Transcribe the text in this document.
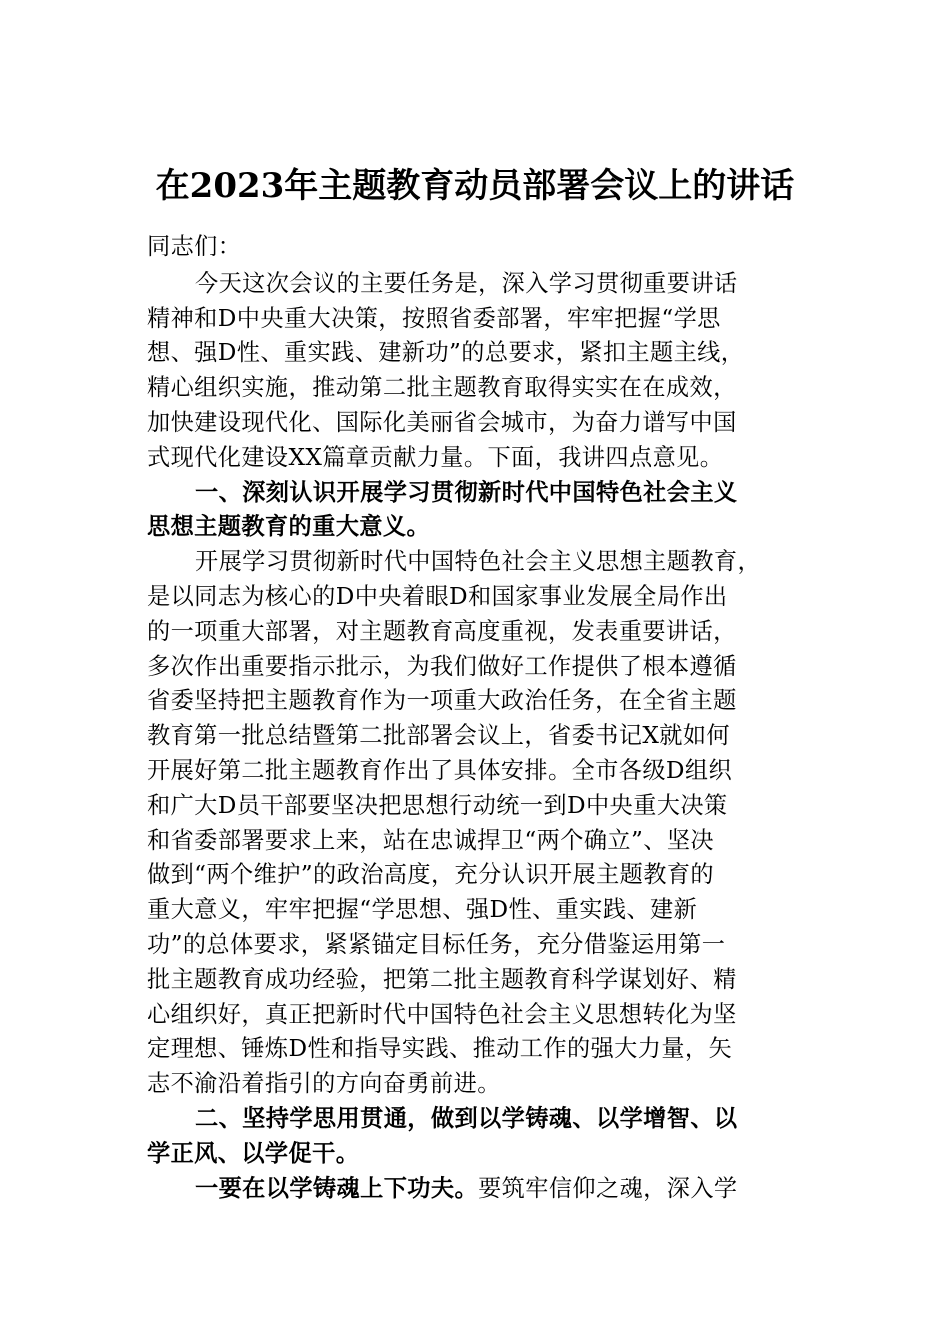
在2023年主题教育动员部署会议上的讲话

同志们：

今天这次会议的主要任务是，深入学习贯彻重要讲话
精神和D中央重大决策，按照省委部署，牢牢把握“学思
想、强D性、重实践、建新功”的总要求，紧扣主题主线，
精心组织实施，推动第二批主题教育取得实实在在成效，
加快建设现代化、国际化美丽省会城市，为奋力谱写中国
式现代化建设XX篇章贡献力量。下面，我讲四点意见。

一、深刻认识开展学习贯彻新时代中国特色社会主义
思想主题教育的重大意义。

开展学习贯彻新时代中国特色社会主义思想主题教育，
是以同志为核心的D中央着眼D和国家事业发展全局作出
的一项重大部署，对主题教育高度重视，发表重要讲话，
多次作出重要指示批示，为我们做好工作提供了根本遵循
省委坚持把主题教育作为一项重大政治任务，在全省主题
教育第一批总结暨第二批部署会议上，省委书记X就如何
开展好第二批主题教育作出了具体安排。全市各级D组织
和广大D员干部要坚决把思想行动统一到D中央重大决策
和省委部署要求上来，站在忠诚捍卫“两个确立”、坚决
做到“两个维护”的政治高度，充分认识开展主题教育的
重大意义，牢牢把握“学思想、强D性、重实践、建新
功”的总体要求，紧紧锚定目标任务，充分借鉴运用第一
批主题教育成功经验，把第二批主题教育科学谋划好、精
心组织好，真正把新时代中国特色社会主义思想转化为坚
定理想、锤炼D性和指导实践、推动工作的强大力量，矢
志不渝沿着指引的方向奋勇前进。

二、坚持学思用贯通，做到以学铸魂、以学增智、以
学正风、以学促干。

一要在以学铸魂上下功夫。要筑牢信仰之魂，深入学
